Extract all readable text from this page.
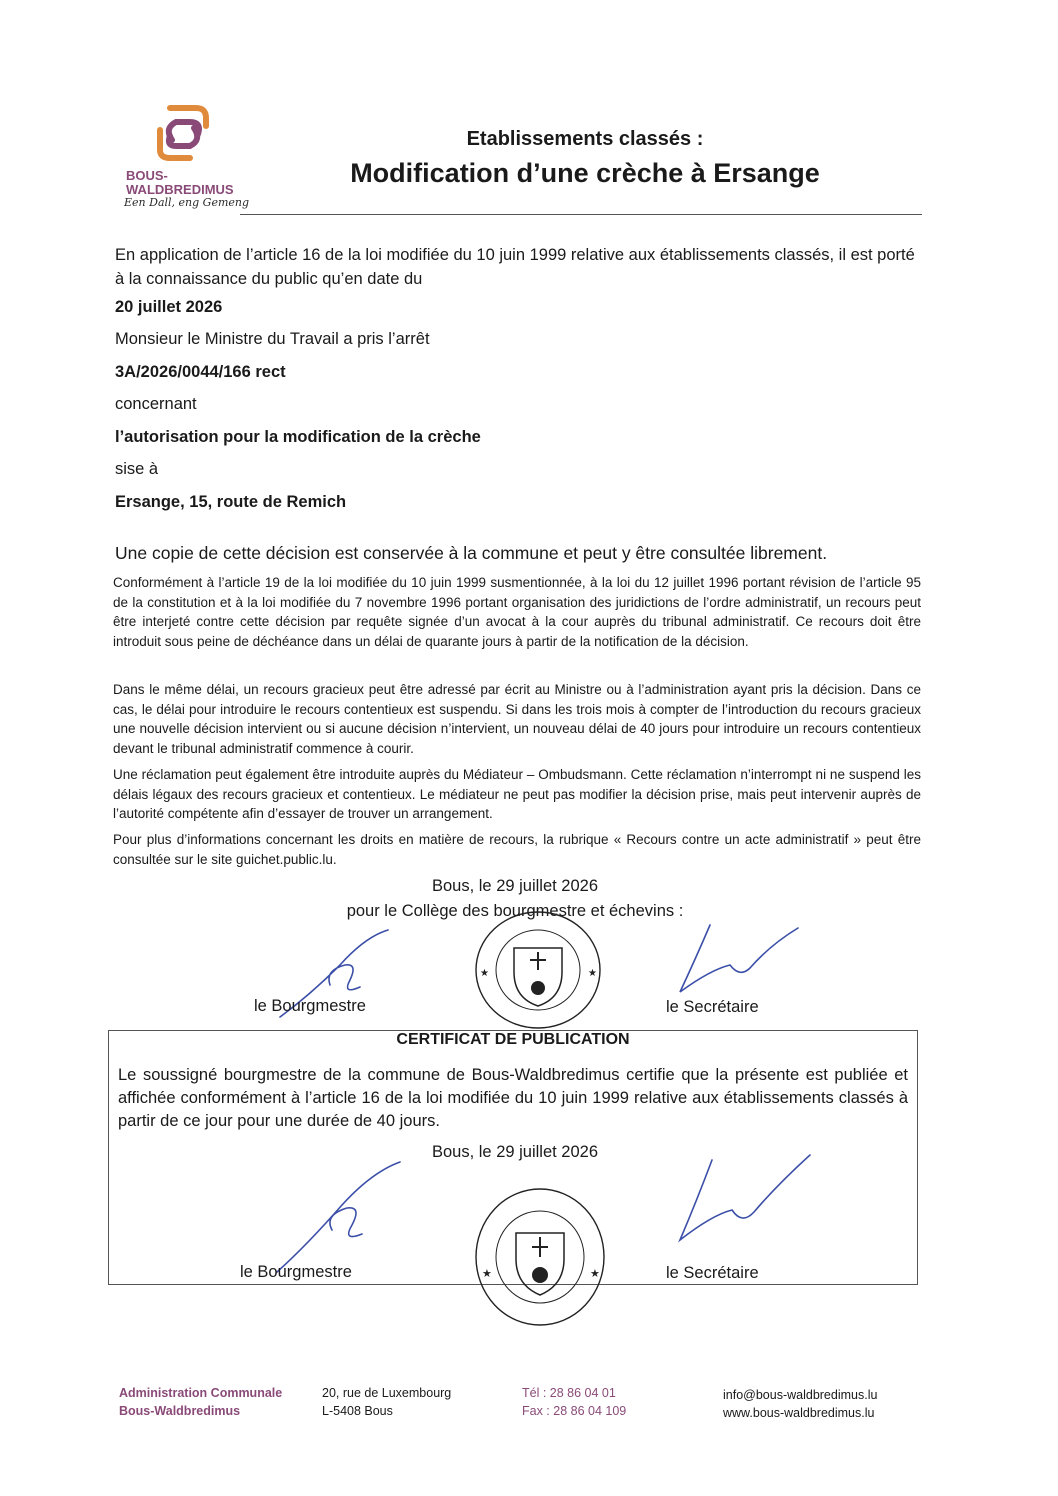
BOUS-
WALDBREDIMUS
Een Dall, eng Gemeng
Etablissements classés :
Modification d’une crèche à Ersange
En application de l’article 16 de la loi modifiée du 10 juin 1999 relative aux établissements classés, il est porté à la connaissance du public qu’en date du
20 juillet 2026
Monsieur le Ministre du Travail a pris l’arrêt
3A/2026/0044/166 rect
concernant
l’autorisation pour la modification de la crèche
sise à
Ersange, 15, route de Remich
Une copie de cette décision est conservée à la commune et peut y être consultée librement.
Conformément à l’article 19 de la loi modifiée du 10 juin 1999 susmentionnée, à la loi du 12 juillet 1996 portant révision de l’article 95 de la constitution et à la loi modifiée du 7 novembre 1996 portant organisation des juridictions de l’ordre administratif, un recours peut être interjeté contre cette décision par requête signée d’un avocat à la cour auprès du tribunal administratif. Ce recours doit être introduit sous peine de déchéance dans un délai de quarante jours à partir de la notification de la décision.
Dans le même délai, un recours gracieux peut être adressé par écrit au Ministre ou à l’administration ayant pris la décision. Dans ce cas, le délai pour introduire le recours contentieux est suspendu. Si dans les trois mois à compter de l’introduction du recours gracieux une nouvelle décision intervient ou si aucune décision n’intervient, un nouveau délai de 40 jours pour introduire un recours contentieux devant le tribunal administratif commence à courir.
Une réclamation peut également être introduite auprès du Médiateur – Ombudsmann. Cette réclamation n’interrompt ni ne suspend les délais légaux des recours gracieux et contentieux. Le médiateur ne peut pas modifier la décision prise, mais peut intervenir auprès de l’autorité compétente afin d’essayer de trouver un arrangement.
Pour plus d’informations concernant les droits en matière de recours, la rubrique « Recours contre un acte administratif » peut être consultée sur le site guichet.public.lu.
Bous, le 29 juillet 2026
pour le Collège des bourgmestre et échevins :
le Bourgmestre
★	★
le Secrétaire
CERTIFICAT DE PUBLICATION
Le soussigné bourgmestre de la commune de Bous-Waldbredimus certifie que la présente est publiée et affichée conformément à l’article 16 de la loi modifiée du 10 juin 1999 relative aux établissements classés à partir de ce jour pour une durée de 40 jours.
Bous, le 29 juillet 2026
le Bourgmestre	★	★	le Secrétaire
Administration Communale
Bous-Waldbredimus
20, rue de Luxembourg
L-5408 Bous
Tél : 28 86 04 01
Fax : 28 86 04 109
info@bous-waldbredimus.lu
www.bous-waldbredimus.lu
